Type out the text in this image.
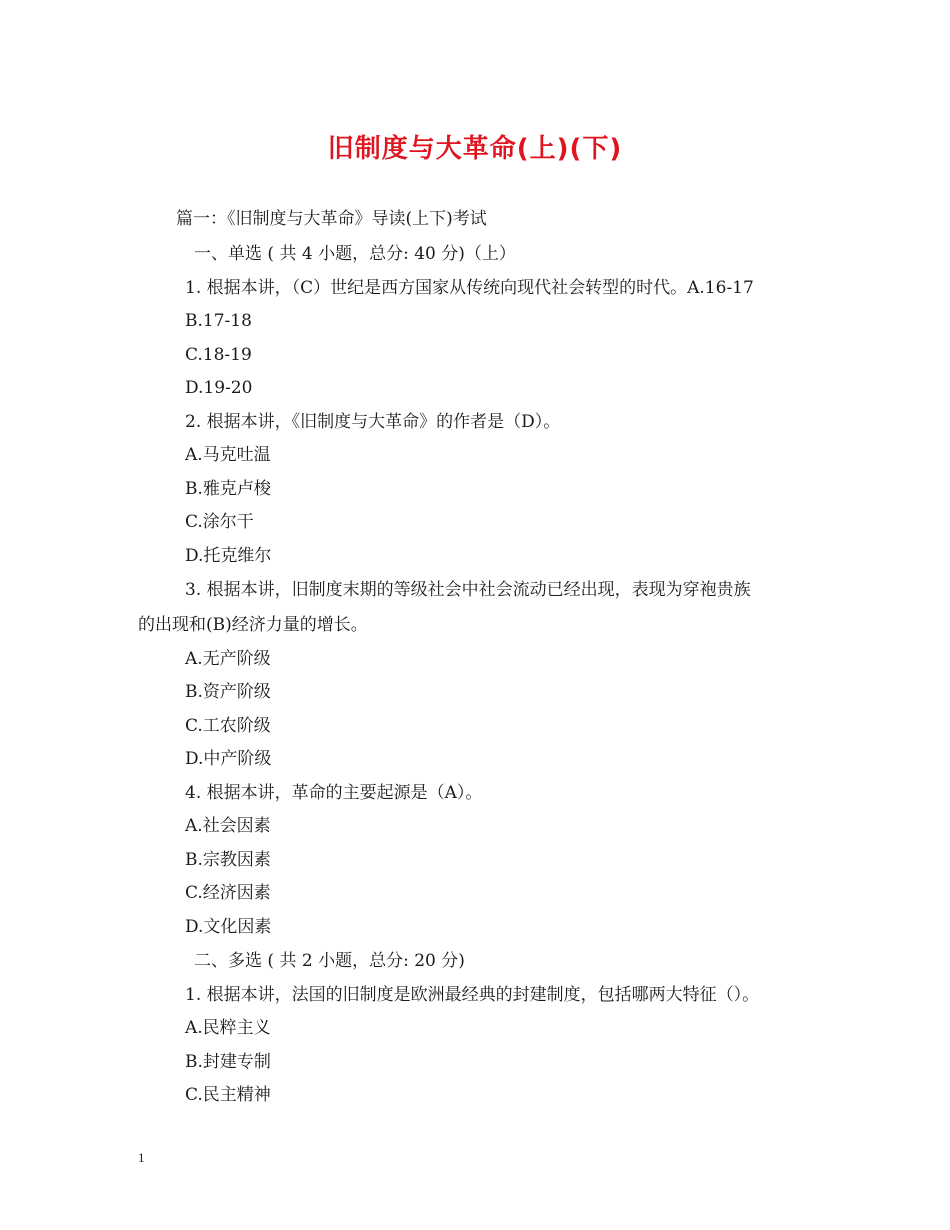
旧制度与大革命(上)(下)

篇一：《旧制度与大革命》导读(上下)考试

一、单选 ( 共 4 小题，总分: 40 分)（上）

1. 根据本讲，（C）世纪是西方国家从传统向现代社会转型的时代。A.16-17

B.17-18

C.18-19

D.19-20

2. 根据本讲，《旧制度与大革命》的作者是（D）。

A.马克吐温

B.雅克卢梭

C.涂尔干

D.托克维尔

3. 根据本讲，旧制度末期的等级社会中社会流动已经出现，表现为穿袍贵族

的出现和(B)经济力量的增长。

A.无产阶级

B.资产阶级

C.工农阶级

D.中产阶级

4. 根据本讲，革命的主要起源是（A）。

A.社会因素

B.宗教因素

C.经济因素

D.文化因素

二、多选 ( 共 2 小题，总分: 20 分)

1. 根据本讲，法国的旧制度是欧洲最经典的封建制度，包括哪两大特征（）。

A.民粹主义

B.封建专制

C.民主精神

1
